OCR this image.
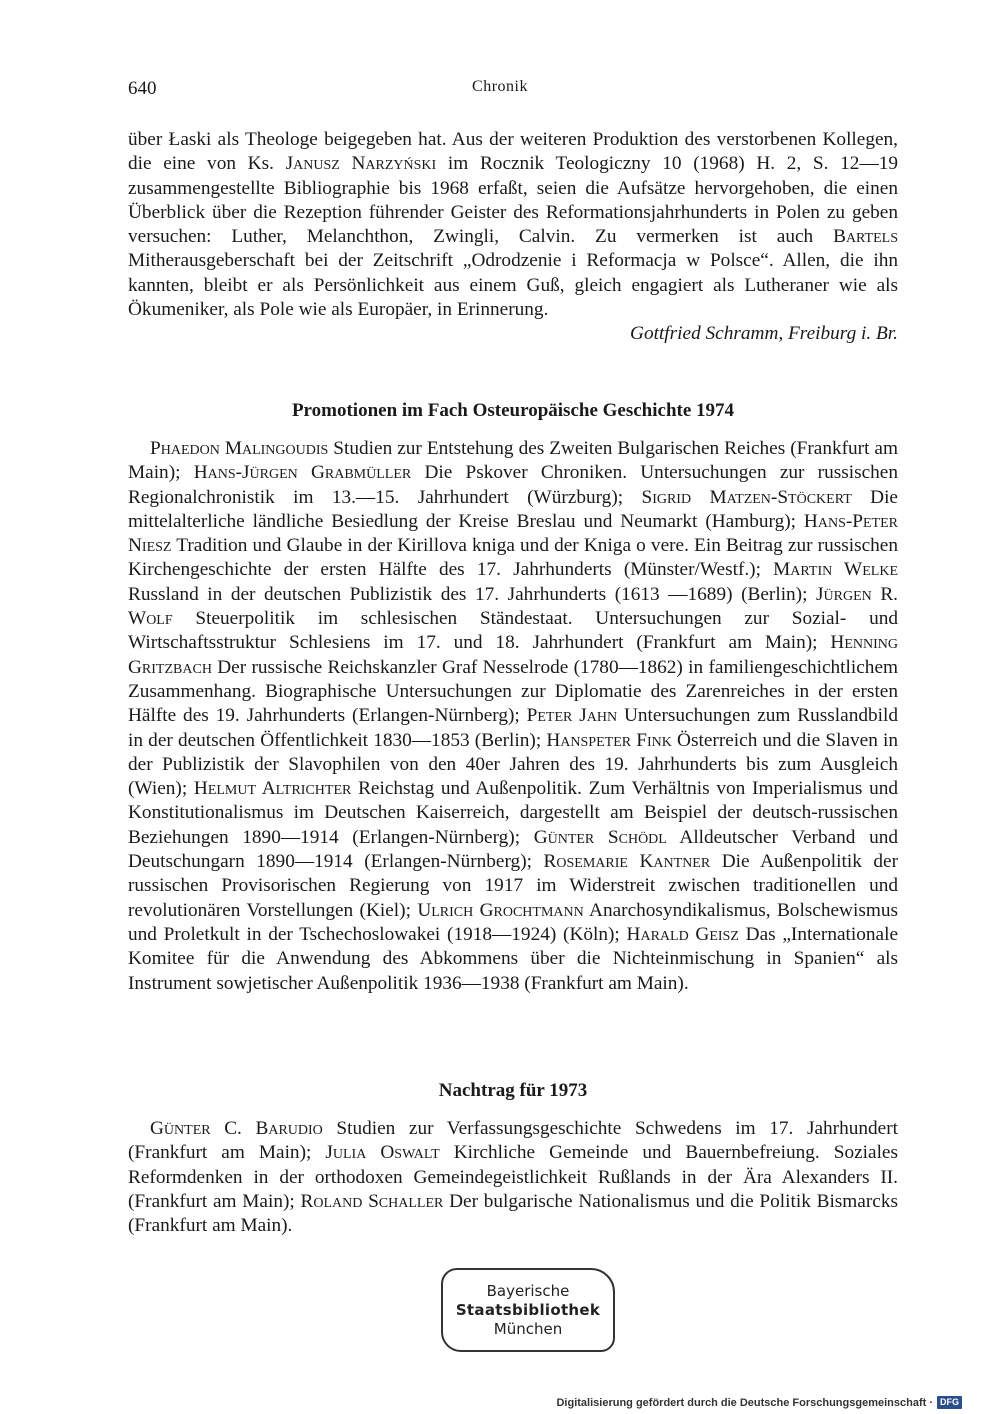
640	Chronik

über Łaski als Theologe beigegeben hat. Aus der weiteren Produktion des verstorbenen Kollegen, die eine von Ks. Janusz Narzyński im Rocznik Teologiczny 10 (1968) H. 2, S. 12—19 zusammengestellte Bibliographie bis 1968 erfaßt, seien die Aufsätze hervorgehoben, die einen Überblick über die Rezeption führender Geister des Reformationsjahrhunderts in Polen zu geben versuchen: Luther, Melanchthon, Zwingli, Calvin. Zu vermerken ist auch Bartels Mitherausgeberschaft bei der Zeitschrift „Odrodzenie i Reformacja w Polsce“. Allen, die ihn kannten, bleibt er als Persönlichkeit aus einem Guß, gleich engagiert als Lutheraner wie als Ökumeniker, als Pole wie als Europäer, in Erinnerung.

Gottfried Schramm, Freiburg i. Br.

Promotionen im Fach Osteuropäische Geschichte 1974

Phaedon Malingoudis Studien zur Entstehung des Zweiten Bulgarischen Reiches (Frankfurt am Main); Hans-Jürgen Grabmüller Die Pskover Chroniken. Untersuchungen zur russischen Regionalchronistik im 13.—15. Jahrhundert (Würzburg); Sigrid Matzen-Stöckert Die mittelalterliche ländliche Besiedlung der Kreise Breslau und Neumarkt (Hamburg); Hans-Peter Niesz Tradition und Glaube in der Kirillova kniga und der Kniga o vere. Ein Beitrag zur russischen Kirchengeschichte der ersten Hälfte des 17. Jahrhunderts (Münster/Westf.); Martin Welke Russland in der deutschen Publizistik des 17. Jahrhunderts (1613 —1689) (Berlin); Jürgen R. Wolf Steuerpolitik im schlesischen Ständestaat. Untersuchungen zur Sozial- und Wirtschaftsstruktur Schlesiens im 17. und 18. Jahrhundert (Frankfurt am Main); Henning Gritzbach Der russische Reichskanzler Graf Nesselrode (1780—1862) in familiengeschichtlichem Zusammenhang. Biographische Untersuchungen zur Diplomatie des Zarenreiches in der ersten Hälfte des 19. Jahrhunderts (Erlangen-Nürnberg); Peter Jahn Untersuchungen zum Russlandbild in der deutschen Öffentlichkeit 1830—1853 (Berlin); Hanspeter Fink Österreich und die Slaven in der Publizistik der Slavophilen von den 40er Jahren des 19. Jahrhunderts bis zum Ausgleich (Wien); Helmut Altrichter Reichstag und Außenpolitik. Zum Verhältnis von Imperialismus und Konstitutionalismus im Deutschen Kaiserreich, dargestellt am Beispiel der deutsch-russischen Beziehungen 1890—1914 (Erlangen-Nürnberg); Günter Schödl Alldeutscher Verband und Deutschungarn 1890—1914 (Erlangen-Nürnberg); Rosemarie Kantner Die Außenpolitik der russischen Provisorischen Regierung von 1917 im Widerstreit zwischen traditionellen und revolutionären Vorstellungen (Kiel); Ulrich Grochtmann Anarchosyndikalismus, Bolschewismus und Proletkult in der Tschechoslowakei (1918—1924) (Köln); Harald Geisz Das „Internationale Komitee für die Anwendung des Abkommens über die Nichteinmischung in Spanien“ als Instrument sowjetischer Außenpolitik 1936—1938 (Frankfurt am Main).

Nachtrag für 1973

Günter C. Barudio Studien zur Verfassungsgeschichte Schwedens im 17. Jahrhundert (Frankfurt am Main); Julia Oswalt Kirchliche Gemeinde und Bauernbefreiung. Soziales Reformdenken in der orthodoxen Gemeindegeistlichkeit Rußlands in der Ära Alexanders II. (Frankfurt am Main); Roland Schaller Der bulgarische Nationalismus und die Politik Bismarcks (Frankfurt am Main).

Bayerische
Staatsbibliothek
München
Digitalisierung gefördert durch die Deutsche Forschungsgemeinschaft · DFG
